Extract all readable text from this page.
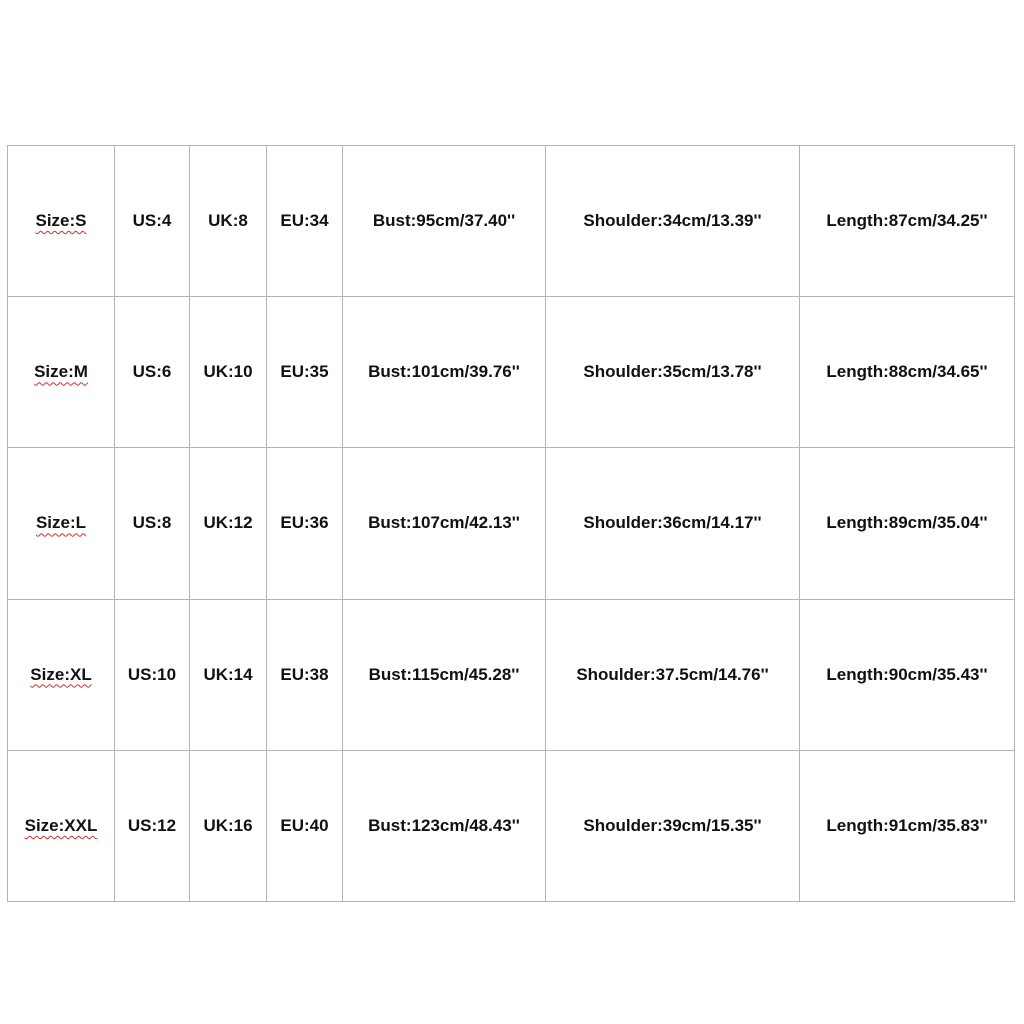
Size:S	US:4	UK:8	EU:34	Bust:95cm/37.40''	Shoulder:34cm/13.39''	Length:87cm/34.25''
Size:M	US:6	UK:10	EU:35	Bust:101cm/39.76''	Shoulder:35cm/13.78''	Length:88cm/34.65''
Size:L	US:8	UK:12	EU:36	Bust:107cm/42.13''	Shoulder:36cm/14.17''	Length:89cm/35.04''
Size:XL	US:10	UK:14	EU:38	Bust:115cm/45.28''	Shoulder:37.5cm/14.76''	Length:90cm/35.43''
Size:XXL	US:12	UK:16	EU:40	Bust:123cm/48.43''	Shoulder:39cm/15.35''	Length:91cm/35.83''
